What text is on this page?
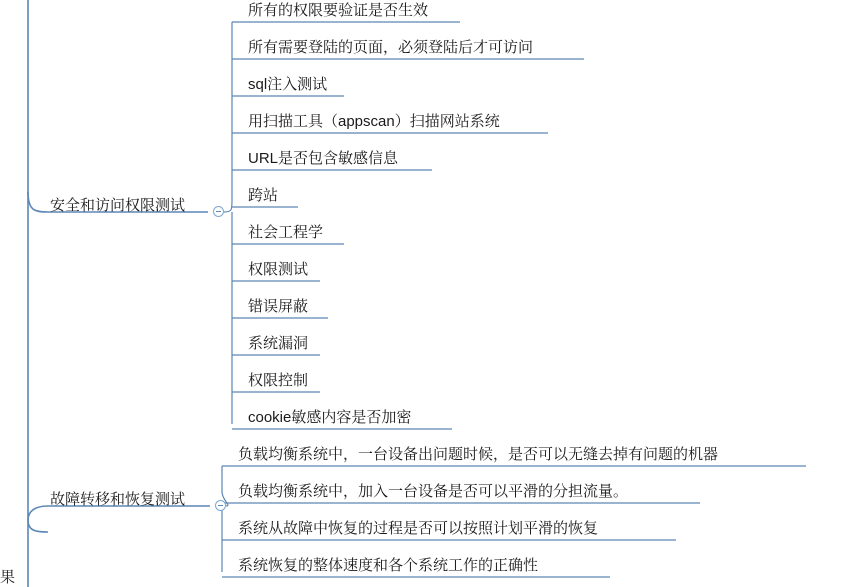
安全和访问权限测试
所有的权限要验证是否生效
所有需要登陆的页面，必须登陆后才可访问
sql注入测试
用扫描工具（appscan）扫描网站系统
URL是否包含敏感信息
跨站
社会工程学
权限测试
错误屏蔽
系统漏洞
权限控制
cookie敏感内容是否加密
故障转移和恢复测试
负载均衡系统中，一台设备出问题时候，是否可以无缝去掉有问题的机器
负载均衡系统中，加入一台设备是否可以平滑的分担流量。
系统从故障中恢复的过程是否可以按照计划平滑的恢复
系统恢复的整体速度和各个系统工作的正确性
果
